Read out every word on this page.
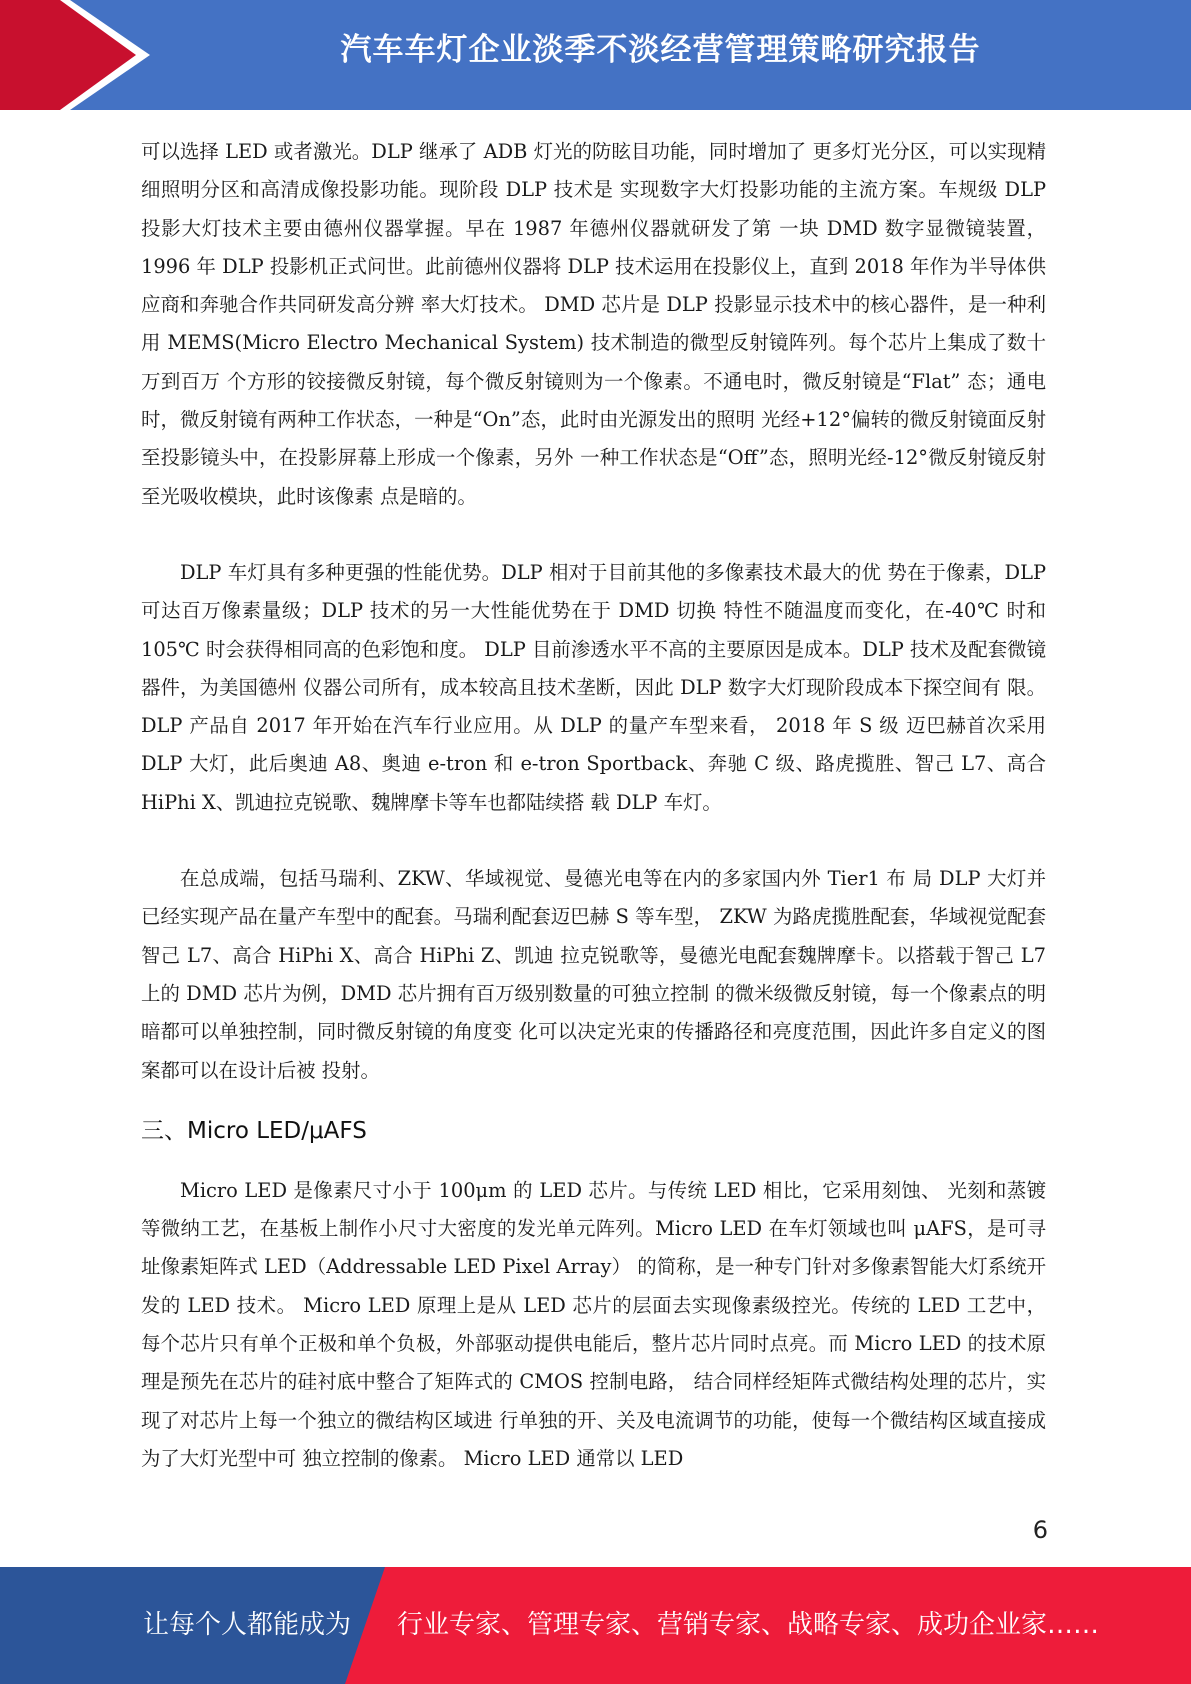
汽车车灯企业淡季不淡经营管理策略研究报告

可以选择 LED 或者激光。DLP 继承了 ADB 灯光的防眩目功能，同时增加了 更多灯光分区，可以实现精细照明分区和高清成像投影功能。现阶段 DLP 技术是 实现数字大灯投影功能的主流方案。车规级 DLP 投影大灯技术主要由德州仪器掌握。早在 1987 年德州仪器就研发了第 一块 DMD 数字显微镜装置，1996 年 DLP 投影机正式问世。此前德州仪器将 DLP 技术运用在投影仪上，直到 2018 年作为半导体供应商和奔驰合作共同研发高分辨 率大灯技术。 DMD 芯片是 DLP 投影显示技术中的核心器件，是一种利用 MEMS(Micro Electro Mechanical System) 技术制造的微型反射镜阵列。每个芯片上集成了数十万到百万 个方形的铰接微反射镜，每个微反射镜则为一个像素。不通电时，微反射镜是“Flat” 态；通电时，微反射镜有两种工作状态，一种是“On”态，此时由光源发出的照明 光经+12°偏转的微反射镜面反射至投影镜头中，在投影屏幕上形成一个像素，另外 一种工作状态是“Off”态，照明光经-12°微反射镜反射至光吸收模块，此时该像素 点是暗的。

DLP 车灯具有多种更强的性能优势。DLP 相对于目前其他的多像素技术最大的优 势在于像素，DLP 可达百万像素量级；DLP 技术的另一大性能优势在于 DMD 切换 特性不随温度而变化，在-40℃ 时和 105℃ 时会获得相同高的色彩饱和度。 DLP 目前渗透水平不高的主要原因是成本。DLP 技术及配套微镜器件，为美国德州 仪器公司所有，成本较高且技术垄断，因此 DLP 数字大灯现阶段成本下探空间有 限。 DLP 产品自 2017 年开始在汽车行业应用。从 DLP 的量产车型来看， 2018 年 S 级 迈巴赫首次采用 DLP 大灯，此后奥迪 A8、奥迪 e-tron 和 e-tron Sportback、奔驰 C 级、路虎揽胜、智己 L7、高合 HiPhi X、凯迪拉克锐歌、魏牌摩卡等车也都陆续搭 载 DLP 车灯。

在总成端，包括马瑞利、ZKW、华域视觉、曼德光电等在内的多家国内外 Tier1 布 局 DLP 大灯并已经实现产品在量产车型中的配套。马瑞利配套迈巴赫 S 等车型， ZKW 为路虎揽胜配套，华域视觉配套智己 L7、高合 HiPhi X、高合 HiPhi Z、凯迪 拉克锐歌等，曼德光电配套魏牌摩卡。以搭载于智己 L7 上的 DMD 芯片为例，DMD 芯片拥有百万级别数量的可独立控制 的微米级微反射镜，每一个像素点的明暗都可以单独控制，同时微反射镜的角度变 化可以决定光束的传播路径和亮度范围，因此许多自定义的图案都可以在设计后被 投射。

三、Micro LED/μAFS

Micro LED 是像素尺寸小于 100μm 的 LED 芯片。与传统 LED 相比，它采用刻蚀、 光刻和蒸镀等微纳工艺，在基板上制作小尺寸大密度的发光单元阵列。Micro LED 在车灯领域也叫 μAFS，是可寻址像素矩阵式 LED（Addressable LED Pixel Array） 的简称，是一种专门针对多像素智能大灯系统开发的 LED 技术。 Micro LED 原理上是从 LED 芯片的层面去实现像素级控光。传统的 LED 工艺中， 每个芯片只有单个正极和单个负极，外部驱动提供电能后，整片芯片同时点亮。而 Micro LED 的技术原理是预先在芯片的硅衬底中整合了矩阵式的 CMOS 控制电路， 结合同样经矩阵式微结构处理的芯片，实现了对芯片上每一个独立的微结构区域进 行单独的开、关及电流调节的功能，使每一个微结构区域直接成为了大灯光型中可 独立控制的像素。 Micro LED 通常以 LED

6
让每个人都能成为 行业专家、管理专家、营销专家、战略专家、成功企业家……
